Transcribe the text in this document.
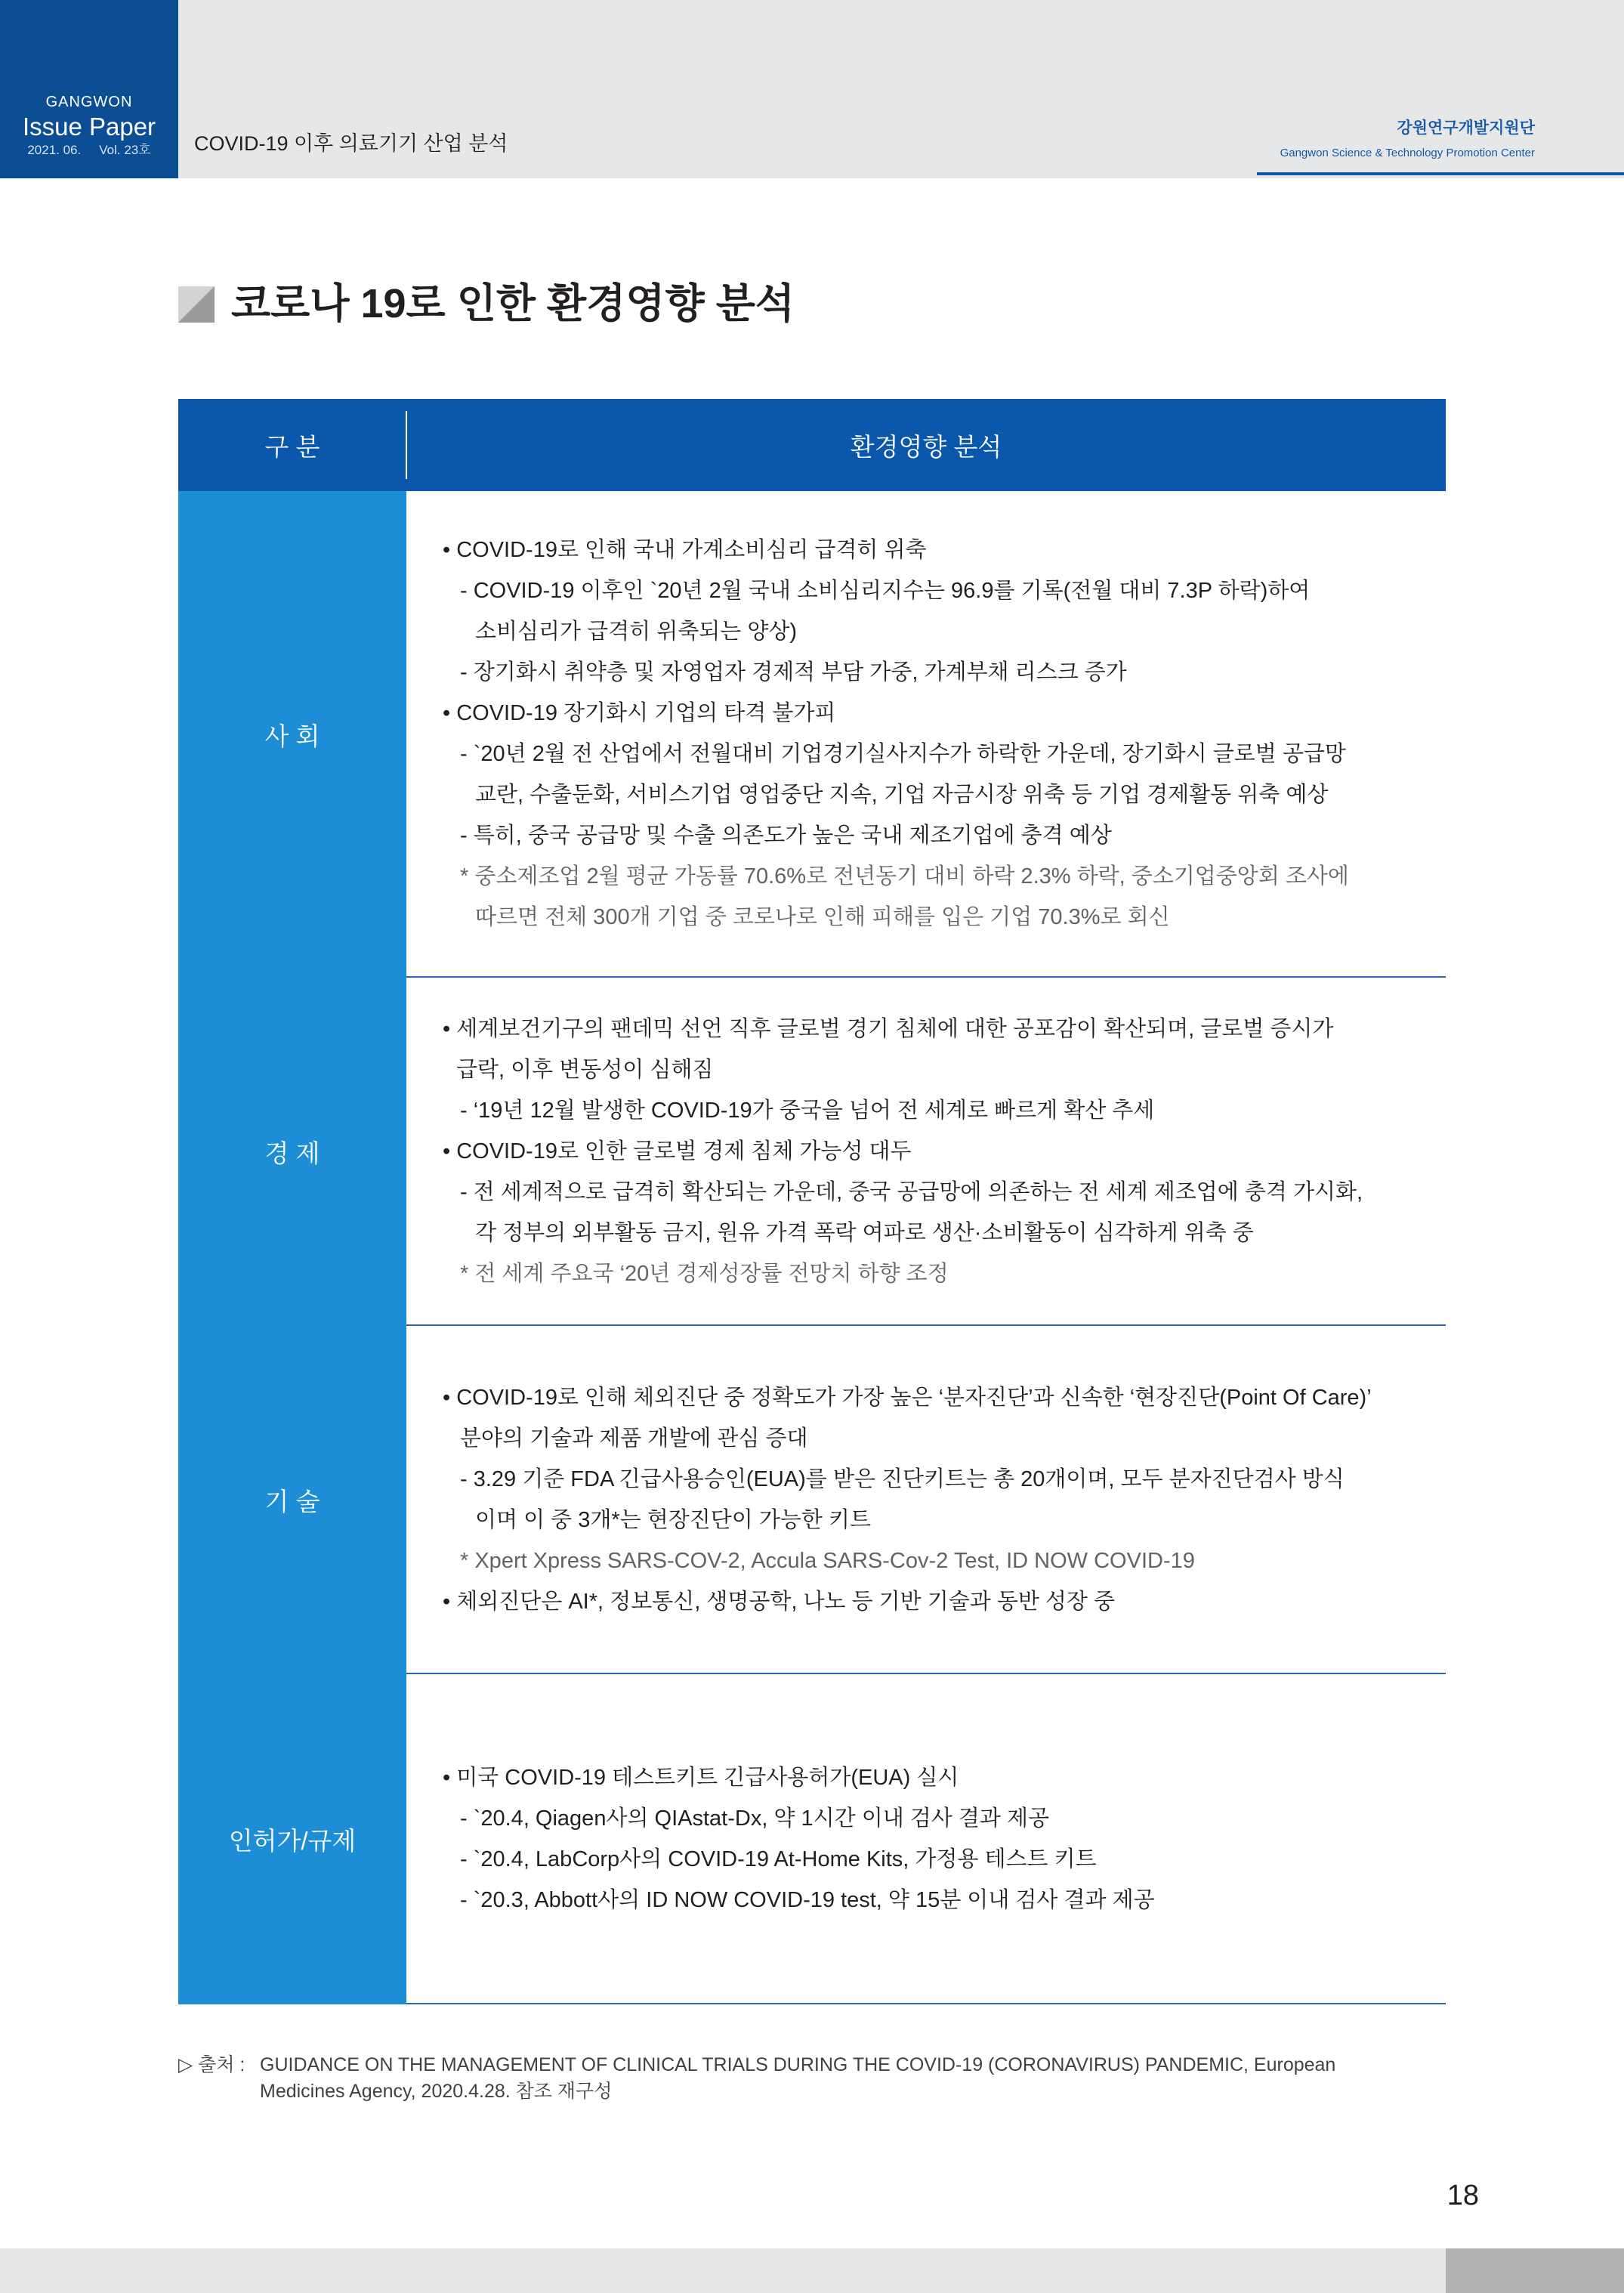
GANGWON
Issue Paper
2021. 06. Vol. 23호 COVID-19 이후 의료기기 산업 분석
강원연구개발지원단
Gangwon Science & Technology Promotion Center
코로나 19로 인한 환경영향 분석
구 분	환경영향 분석
사 회
• COVID-19로 인해 국내 가계소비심리 급격히 위축
- COVID-19 이후인 `20년 2월 국내 소비심리지수는 96.9를 기록(전월 대비 7.3P 하락)하여
소비심리가 급격히 위축되는 양상)
- 장기화시 취약층 및 자영업자 경제적 부담 가중, 가계부채 리스크 증가
• COVID-19 장기화시 기업의 타격 불가피
- `20년 2월 전 산업에서 전월대비 기업경기실사지수가 하락한 가운데, 장기화시 글로벌 공급망
교란, 수출둔화, 서비스기업 영업중단 지속, 기업 자금시장 위축 등 기업 경제활동 위축 예상
- 특히, 중국 공급망 및 수출 의존도가 높은 국내 제조기업에 충격 예상
* 중소제조업 2월 평균 가동률 70.6%로 전년동기 대비 하락 2.3% 하락, 중소기업중앙회 조사에
따르면 전체 300개 기업 중 코로나로 인해 피해를 입은 기업 70.3%로 회신
경 제
• 세계보건기구의 팬데믹 선언 직후 글로벌 경기 침체에 대한 공포감이 확산되며, 글로벌 증시가
급락, 이후 변동성이 심해짐
- ‘19년 12월 발생한 COVID-19가 중국을 넘어 전 세계로 빠르게 확산 추세
• COVID-19로 인한 글로벌 경제 침체 가능성 대두
- 전 세계적으로 급격히 확산되는 가운데, 중국 공급망에 의존하는 전 세계 제조업에 충격 가시화,
각 정부의 외부활동 금지, 원유 가격 폭락 여파로 생산·소비활동이 심각하게 위축 중
* 전 세계 주요국 ‘20년 경제성장률 전망치 하향 조정
기 술
• COVID-19로 인해 체외진단 중 정확도가 가장 높은 ‘분자진단’과 신속한 ‘현장진단(Point Of Care)’
분야의 기술과 제품 개발에 관심 증대
- 3.29 기준 FDA 긴급사용승인(EUA)를 받은 진단키트는 총 20개이며, 모두 분자진단검사 방식
이며 이 중 3개*는 현장진단이 가능한 키트
* Xpert Xpress SARS-COV-2, Accula SARS-Cov-2 Test, ID NOW COVID-19
• 체외진단은 AI*, 정보통신, 생명공학, 나노 등 기반 기술과 동반 성장 중
인허가/규제
• 미국 COVID-19 테스트키트 긴급사용허가(EUA) 실시
- `20.4, Qiagen사의 QIAstat-Dx, 약 1시간 이내 검사 결과 제공
- `20.4, LabCorp사의 COVID-19 At-Home Kits, 가정용 테스트 키트
- `20.3, Abbott사의 ID NOW COVID-19 test, 약 15분 이내 검사 결과 제공
▷ 출처 : GUIDANCE ON THE MANAGEMENT OF CLINICAL TRIALS DURING THE COVID-19 (CORONAVIRUS) PANDEMIC, European
Medicines Agency, 2020.4.28. 참조 재구성
18
